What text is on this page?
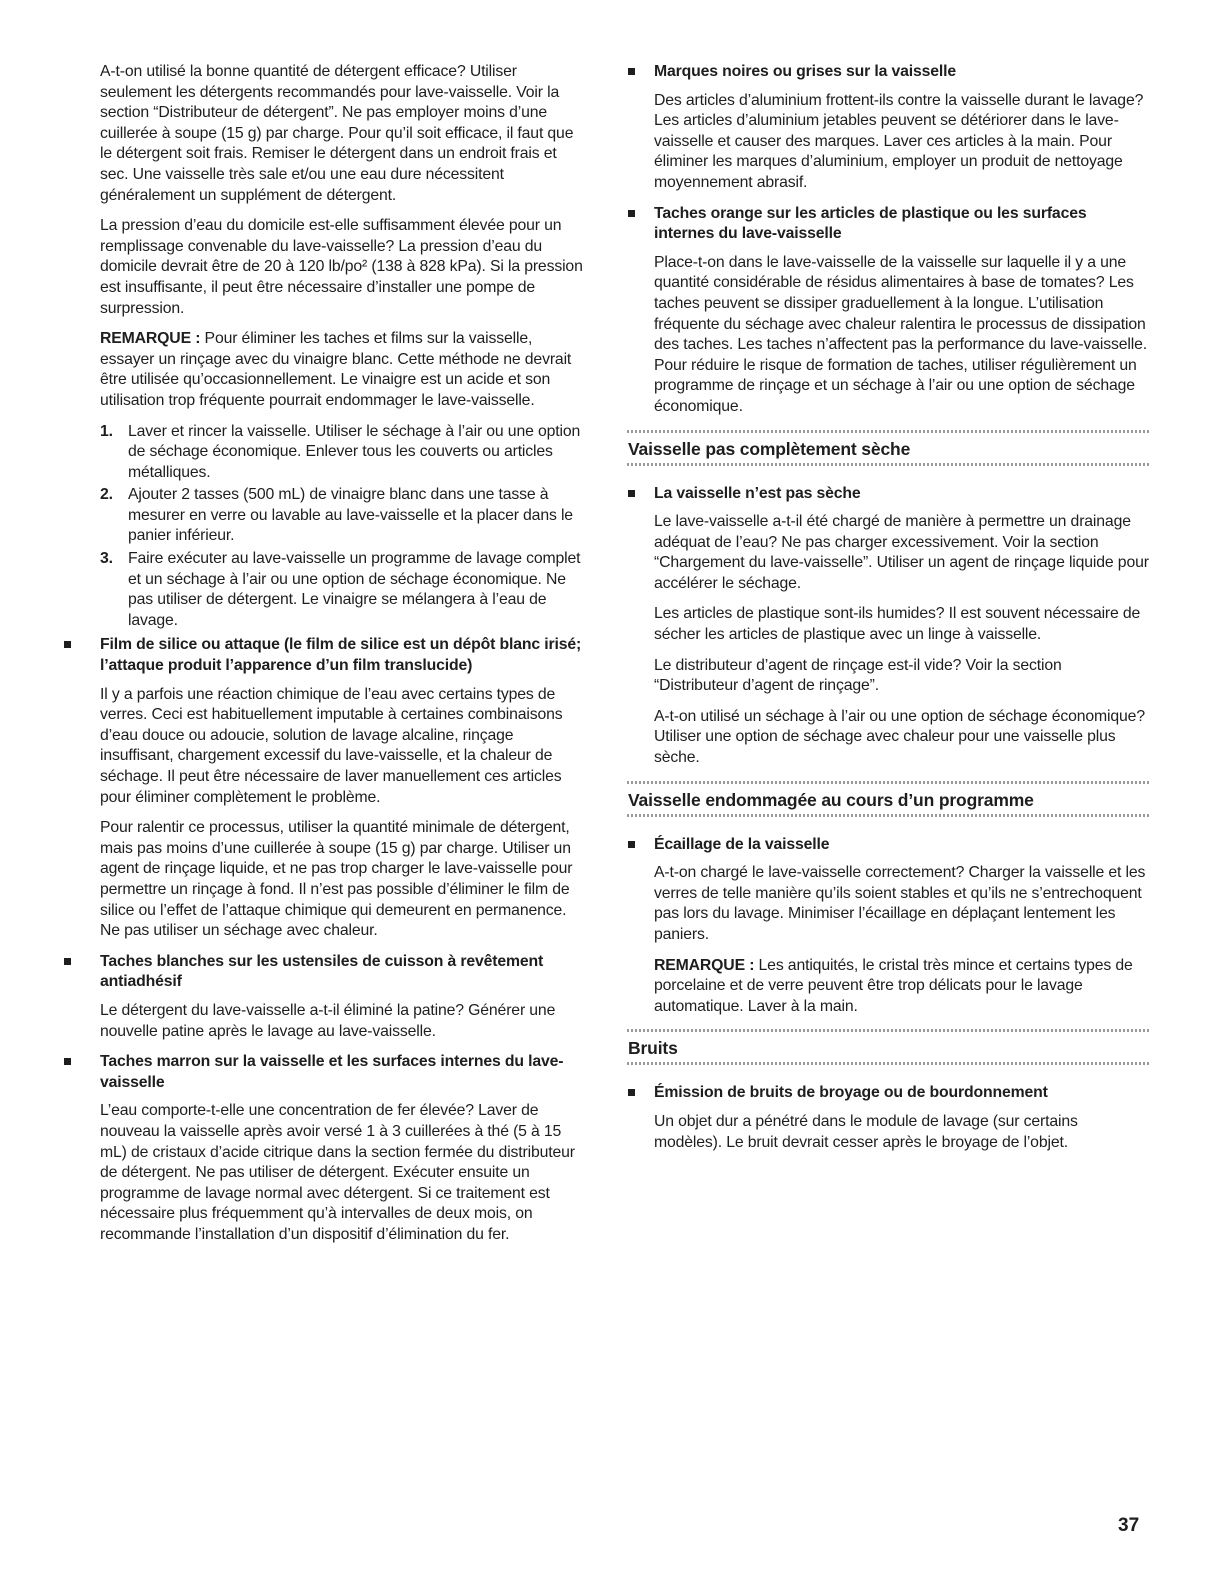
A-t-on utilisé la bonne quantité de détergent efficace? Utiliser seulement les détergents recommandés pour lave-vaisselle. Voir la section “Distributeur de détergent”. Ne pas employer moins d’une cuillerée à soupe (15 g) par charge. Pour qu’il soit efficace, il faut que le détergent soit frais. Remiser le détergent dans un endroit frais et sec. Une vaisselle très sale et/ou une eau dure nécessitent généralement un supplément de détergent.

La pression d’eau du domicile est-elle suffisamment élevée pour un remplissage convenable du lave-vaisselle? La pression d’eau du domicile devrait être de 20 à 120 lb/po² (138 à 828 kPa). Si la pression est insuffisante, il peut être nécessaire d’installer une pompe de surpression.

REMARQUE : Pour éliminer les taches et films sur la vaisselle, essayer un rinçage avec du vinaigre blanc. Cette méthode ne devrait être utilisée qu’occasionnellement. Le vinaigre est un acide et son utilisation trop fréquente pourrait endommager le lave-vaisselle.

1. Laver et rincer la vaisselle. Utiliser le séchage à l’air ou une option de séchage économique. Enlever tous les couverts ou articles métalliques.
2. Ajouter 2 tasses (500 mL) de vinaigre blanc dans une tasse à mesurer en verre ou lavable au lave-vaisselle et la placer dans le panier inférieur.
3. Faire exécuter au lave-vaisselle un programme de lavage complet et un séchage à l’air ou une option de séchage économique. Ne pas utiliser de détergent. Le vinaigre se mélangera à l’eau de lavage.
Film de silice ou attaque (le film de silice est un dépôt blanc irisé; l’attaque produit l’apparence d’un film translucide)

Il y a parfois une réaction chimique de l’eau avec certains types de verres. Ceci est habituellement imputable à certaines combinaisons d’eau douce ou adoucie, solution de lavage alcaline, rinçage insuffisant, chargement excessif du lave-vaisselle, et la chaleur de séchage. Il peut être nécessaire de laver manuellement ces articles pour éliminer complètement le problème.

Pour ralentir ce processus, utiliser la quantité minimale de détergent, mais pas moins d’une cuillerée à soupe (15 g) par charge. Utiliser un agent de rinçage liquide, et ne pas trop charger le lave-vaisselle pour permettre un rinçage à fond. Il n’est pas possible d’éliminer le film de silice ou l’effet de l’attaque chimique qui demeurent en permanence. Ne pas utiliser un séchage avec chaleur.

Taches blanches sur les ustensiles de cuisson à revêtement antiadhésif

Le détergent du lave-vaisselle a-t-il éliminé la patine? Générer une nouvelle patine après le lavage au lave-vaisselle.

Taches marron sur la vaisselle et les surfaces internes du lave-vaisselle

L’eau comporte-t-elle une concentration de fer élevée? Laver de nouveau la vaisselle après avoir versé 1 à 3 cuillerées à thé (5 à 15 mL) de cristaux d’acide citrique dans la section fermée du distributeur de détergent. Ne pas utiliser de détergent. Exécuter ensuite un programme de lavage normal avec détergent. Si ce traitement est nécessaire plus fréquemment qu’à intervalles de deux mois, on recommande l’installation d’un dispositif d’élimination du fer.

Marques noires ou grises sur la vaisselle

Des articles d’aluminium frottent-ils contre la vaisselle durant le lavage? Les articles d’aluminium jetables peuvent se détériorer dans le lave-vaisselle et causer des marques. Laver ces articles à la main. Pour éliminer les marques d’aluminium, employer un produit de nettoyage moyennement abrasif.

Taches orange sur les articles de plastique ou les surfaces internes du lave-vaisselle

Place-t-on dans le lave-vaisselle de la vaisselle sur laquelle il y a une quantité considérable de résidus alimentaires à base de tomates? Les taches peuvent se dissiper graduellement à la longue. L’utilisation fréquente du séchage avec chaleur ralentira le processus de dissipation des taches. Les taches n’affectent pas la performance du lave-vaisselle. Pour réduire le risque de formation de taches, utiliser régulièrement un programme de rinçage et un séchage à l’air ou une option de séchage économique.

Vaisselle pas complètement sèche
La vaisselle n’est pas sèche

Le lave-vaisselle a-t-il été chargé de manière à permettre un drainage adéquat de l’eau? Ne pas charger excessivement. Voir la section “Chargement du lave-vaisselle”. Utiliser un agent de rinçage liquide pour accélérer le séchage.

Les articles de plastique sont-ils humides? Il est souvent nécessaire de sécher les articles de plastique avec un linge à vaisselle.

Le distributeur d’agent de rinçage est-il vide? Voir la section “Distributeur d’agent de rinçage”.

A-t-on utilisé un séchage à l’air ou une option de séchage économique? Utiliser une option de séchage avec chaleur pour une vaisselle plus sèche.

Vaisselle endommagée au cours d’un programme
Écaillage de la vaisselle

A-t-on chargé le lave-vaisselle correctement? Charger la vaisselle et les verres de telle manière qu’ils soient stables et qu’ils ne s’entrechoquent pas lors du lavage. Minimiser l’écaillage en déplaçant lentement les paniers.

REMARQUE : Les antiquités, le cristal très mince et certains types de porcelaine et de verre peuvent être trop délicats pour le lavage automatique. Laver à la main.

Bruits
Émission de bruits de broyage ou de bourdonnement

Un objet dur a pénétré dans le module de lavage (sur certains modèles). Le bruit devrait cesser après le broyage de l’objet.

37
